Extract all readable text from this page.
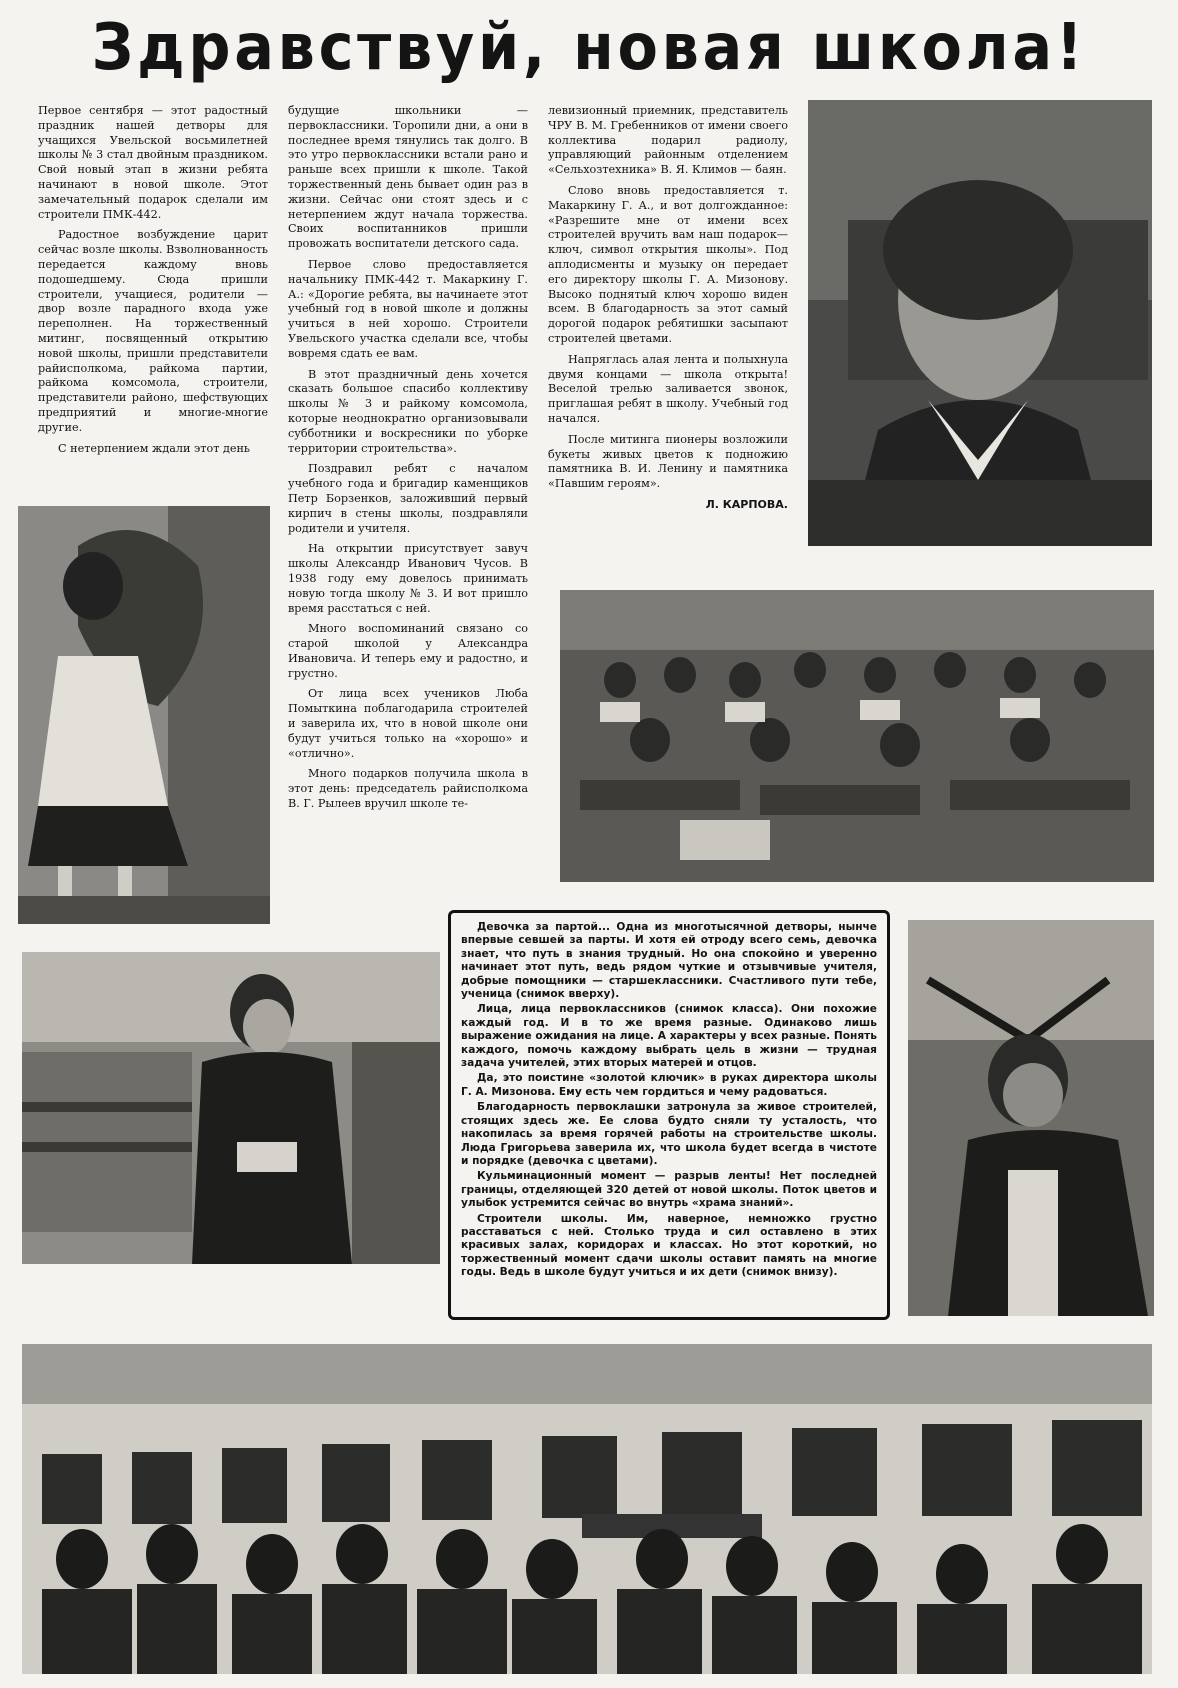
Здравствуй, новая школа!

Первое сентября — этот радостный праздник нашей детворы для учащихся Увельской восьмилетней школы № 3 стал двойным праздником. Свой новый этап в жизни ребята начинают в новой школе. Этот замечательный подарок сделали им строители ПМК-442.

Радостное возбуждение царит сейчас возле школы. Взволнованность передается каждому вновь подошедшему. Сюда пришли строители, учащиеся, родители — двор возле парадного входа уже переполнен. На торжественный митинг, посвященный открытию новой школы, пришли представители райисполкома, райкома партии, райкома комсомола, строители, представители районо, шефствующих предприятий и многие-многие другие.

С нетерпением ждали этот день

будущие школьники — первоклассники. Торопили дни, а они в последнее время тянулись так долго. В это утро первоклассники встали рано и раньше всех пришли к школе. Такой торжественный день бывает один раз в жизни. Сейчас они стоят здесь и с нетерпением ждут начала торжества. Своих воспитанников пришли провожать воспитатели детского сада.

Первое слово предоставляется начальнику ПМК-442 т. Макаркину Г. А.: «Дорогие ребята, вы начинаете этот учебный год в новой школе и должны учиться в ней хорошо. Строители Увельского участка сделали все, чтобы вовремя сдать ее вам.

В этот праздничный день хочется сказать большое спасибо коллективу школы № 3 и райкому комсомола, которые неоднократно организовывали субботники и воскресники по уборке территории строительства».

Поздравил ребят с началом учебного года и бригадир каменщиков Петр Борзенков, заложивший первый кирпич в стены школы, поздравляли родители и учителя.

На открытии присутствует завуч школы Александр Иванович Чусов. В 1938 году ему довелось принимать новую тогда школу № 3. И вот пришло время расстаться с ней.

Много воспоминаний связано со старой школой у Александра Ивановича. И теперь ему и радостно, и грустно.

От лица всех учеников Люба Помыткина поблагодарила строителей и заверила их, что в новой школе они будут учиться только на «хорошо» и «отлично».

Много подарков получила школа в этот день: председатель райисполкома В. Г. Рылеев вручил школе те-

левизионный приемник, представитель ЧРУ В. М. Гребенников от имени своего коллектива подарил радиолу, управляющий районным отделением «Сельхозтехника» В. Я. Климов — баян.

Слово вновь предоставляется т. Макаркину Г. А., и вот долгожданное: «Разрешите мне от имени всех строителей вручить вам наш подарок—ключ, символ открытия школы». Под аплодисменты и музыку он передает его директору школы Г. А. Мизонову. Высоко поднятый ключ хорошо виден всем. В благодарность за этот самый дорогой подарок ребятишки засыпают строителей цветами.

Напряглась алая лента и полыхнула двумя концами — школа открыта! Веселой трелью заливается звонок, приглашая ребят в школу. Учебный год начался.

После митинга пионеры возложили букеты живых цветов к подножию памятника В. И. Ленину и памятника «Павшим героям».

Л. КАРПОВА.

Девочка за партой... Одна из многотысячной детворы, нынче впервые севшей за парты. И хотя ей отроду всего семь, девочка знает, что путь в знания трудный. Но она спокойно и уверенно начинает этот путь, ведь рядом чуткие и отзывчивые учителя, добрые помощники — старшеклассники. Счастливого пути тебе, ученица (снимок вверху).

Лица, лица первоклассников (снимок класса). Они похожие каждый год. И в то же время разные. Одинаково лишь выражение ожидания на лице. А характеры у всех разные. Понять каждого, помочь каждому выбрать цель в жизни — трудная задача учителей, этих вторых матерей и отцов.

Да, это поистине «золотой ключик» в руках директора школы Г. А. Мизонова. Ему есть чем гордиться и чему радоваться.

Благодарность первоклашки затронула за живое строителей, стоящих здесь же. Ее слова будто сняли ту усталость, что накопилась за время горячей работы на строительстве школы. Люда Григорьева заверила их, что школа будет всегда в чистоте и порядке (девочка с цветами).

Кульминационный момент — разрыв ленты! Нет последней границы, отделяющей 320 детей от новой школы. Поток цветов и улыбок устремится сейчас во внутрь «храма знаний».

Строители школы. Им, наверное, немножко грустно расставаться с ней. Столько труда и сил оставлено в этих красивых залах, коридорах и классах. Но этот короткий, но торжественный момент сдачи школы оставит память на многие годы. Ведь в школе будут учиться и их дети (снимок внизу).
